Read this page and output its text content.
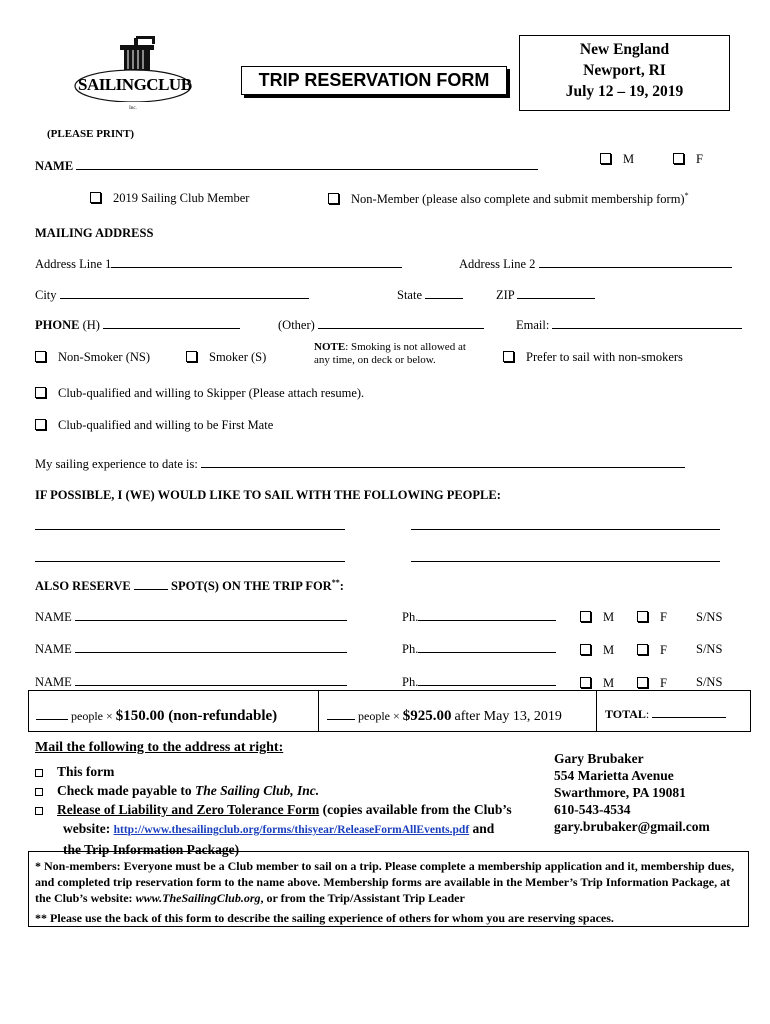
Inc.
SAILINGCLUB	TRIP RESERVATION FORM
New England
Newport, RI
July 12 – 19, 2019
(PLEASE PRINT)
NAME	M	F
2019 Sailing Club Member	Non-Member (please also complete and submit membership form)*
MAILING ADDRESS
Address Line 1	Address Line 2
City	State	ZIP
PHONE (H)	(Other)	Email:
Non-Smoker (NS)	Smoker (S)
NOTE: Smoking is not allowed at
any time, on deck or below.	Prefer to sail with non-smokers
Club-qualified and willing to Skipper (Please attach resume).
Club-qualified and willing to be First Mate
My sailing experience to date is:
IF POSSIBLE, I (WE) WOULD LIKE TO SAIL WITH THE FOLLOWING PEOPLE:
ALSO RESERVE	SPOT(S) ON THE TRIP FOR**:
NAME	Ph.	M	F S/NS
NAME	Ph.	M	F S/NS
NAME	Ph.	M	F S/NS
people × $150.00 (non-refundable)	people × $925.00 after May 13, 2019	TOTAL:
Mail the following to the address at right:
This form
Check made payable to The Sailing Club, Inc.
Release of Liability and Zero Tolerance Form (copies available from the Club’s
website: http://www.thesailingclub.org/forms/thisyear/ReleaseFormAllEvents.pdf and
the Trip Information Package)
Gary Brubaker
554 Marietta Avenue
Swarthmore, PA 19081
610-543-4534
gary.brubaker@gmail.com
* Non-members: Everyone must be a Club member to sail on a trip. Please complete a membership application and it, membership dues, and completed trip reservation form to the name above. Membership forms are available in the Member’s Trip Information Package, at the Club’s website: www.TheSailingClub.org, or from the Trip/Assistant Trip Leader
** Please use the back of this form to describe the sailing experience of others for whom you are reserving spaces.
